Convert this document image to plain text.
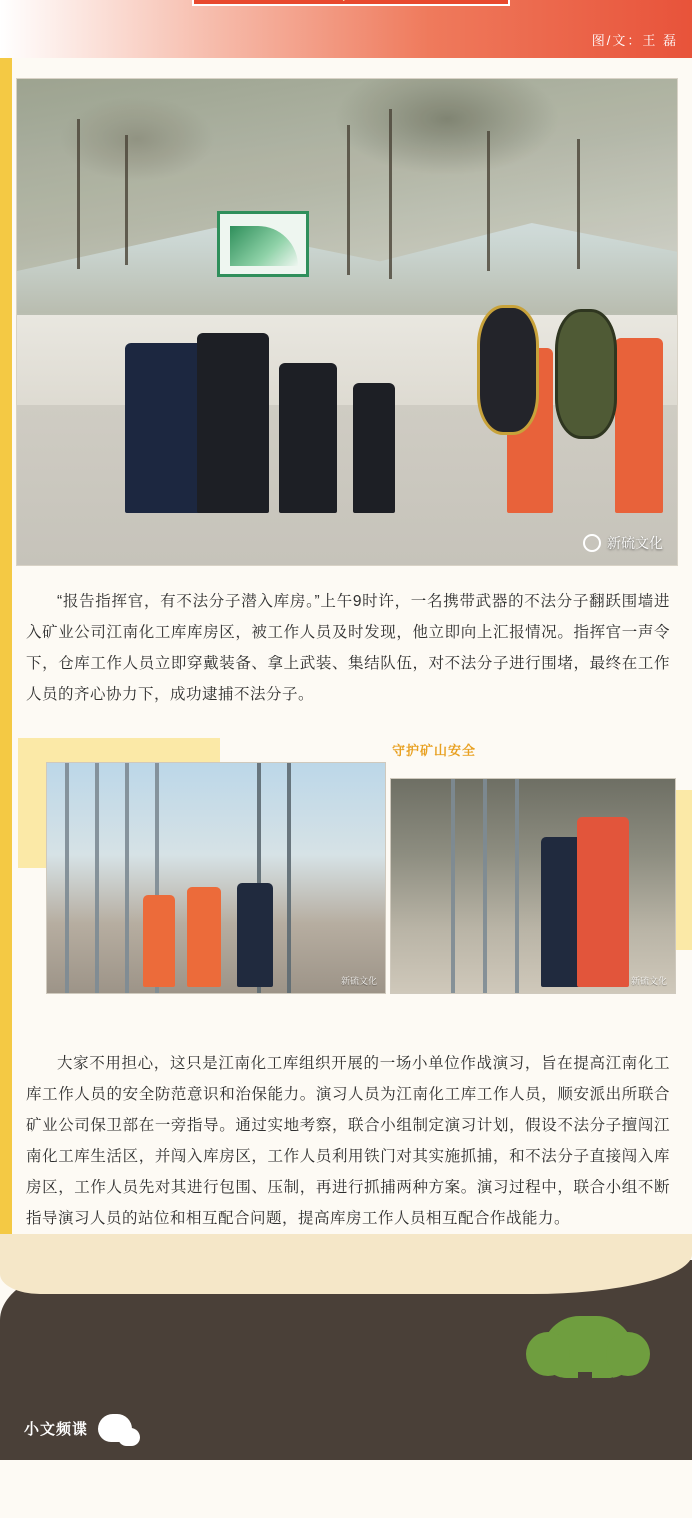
图/文：王 磊
新硫文化

“报告指挥官，有不法分子潜入库房。”上午9时许，一名携带武器的不法分子翻跃围墙进入矿业公司江南化工库库房区，被工作人员及时发现，他立即向上汇报情况。指挥官一声令下，仓库工作人员立即穿戴装备、拿上武装、集结队伍，对不法分子进行围堵，最终在工作人员的齐心协力下，成功逮捕不法分子。

守护矿山安全
新硫文化	新硫文化

大家不用担心，这只是江南化工库组织开展的一场小单位作战演习，旨在提高江南化工库工作人员的安全防范意识和治保能力。演习人员为江南化工库工作人员，顺安派出所联合矿业公司保卫部在一旁指导。通过实地考察，联合小组制定演习计划，假设不法分子擅闯江南化工库生活区，并闯入库房区，工作人员利用铁门对其实施抓捕，和不法分子直接闯入库房区，工作人员先对其进行包围、压制，再进行抓捕两种方案。演习过程中，联合小组不断指导演习人员的站位和相互配合问题，提高库房工作人员相互配合作战能力。

小文频谍
